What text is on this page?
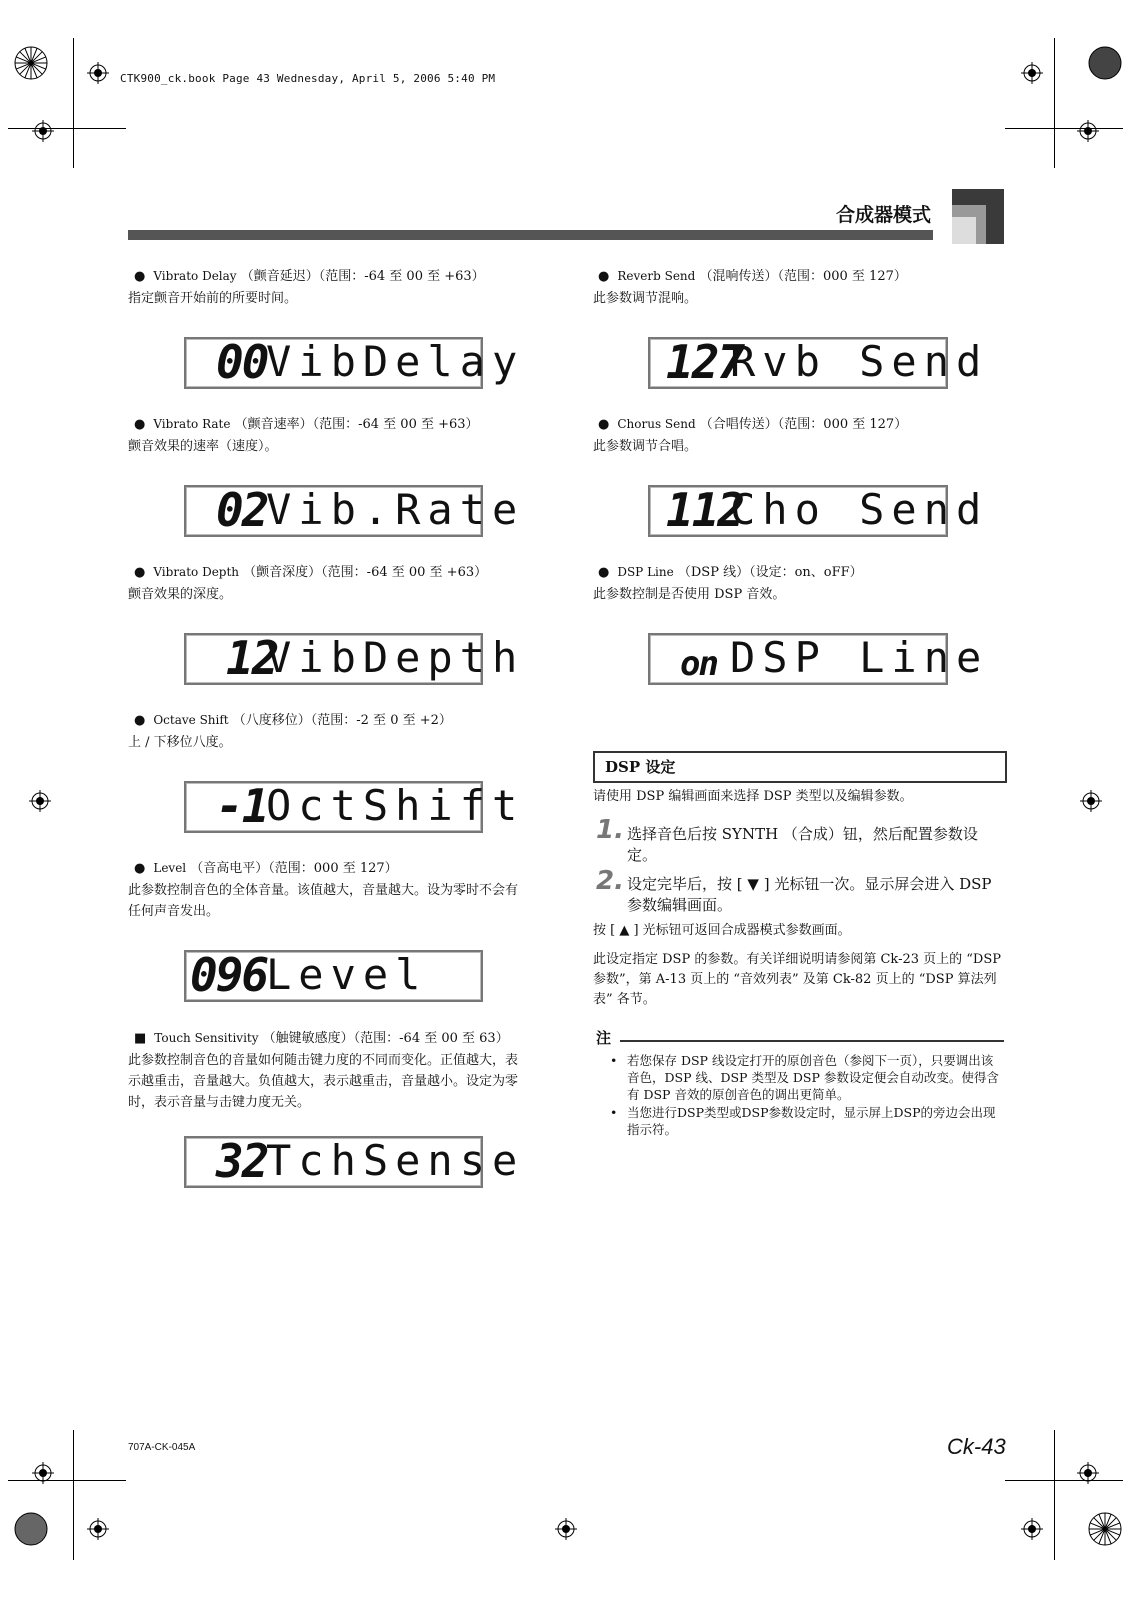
CTK900_ck.book Page 43 Wednesday, April 5, 2006 5:40 PM
合成器模式
● Vibrato Delay （颤音延迟）（范围：-64 至 00 至 +63）
指定颤音开始前的所要时间。
00
VibDelay
● Vibrato Rate （颤音速率）（范围：-64 至 00 至 +63）
颤音效果的速率（速度）。
02
Vib.Rate
● Vibrato Depth （颤音深度）（范围：-64 至 00 至 +63）
颤音效果的深度。
12
VibDepth
● Octave Shift （八度移位）（范围：-2 至 0 至 +2）
上 / 下移位八度。
-1
OctShift
● Level （音高电平）（范围：000 至 127）
此参数控制音色的全体音量。该值越大，音量越大。设为零时不会有任何声音发出。
096
Level
■ Touch Sensitivity （触键敏感度）（范围：-64 至 00 至 63）
此参数控制音色的音量如何随击键力度的不同而变化。正值越大，表示越重击，音量越大。负值越大，表示越重击，音量越小。设定为零时，表示音量与击键力度无关。
32
TchSense
● Reverb Send （混响传送）（范围：000 至 127）
此参数调节混响。
127
Rvb Send
● Chorus Send （合唱传送）（范围：000 至 127）
此参数调节合唱。
112
Cho Send
● DSP Line （DSP 线）（设定：on、oFF）
此参数控制是否使用 DSP 音效。
on DSP Line
DSP 设定
请使用 DSP 编辑画面来选择 DSP 类型以及编辑参数。
1. 选择音色后按 SYNTH （合成）钮，然后配置参数设定。
2. 设定完毕后，按 [ ▼ ] 光标钮一次。显示屏会进入 DSP 参数编辑画面。
按 [ ▲ ] 光标钮可返回合成器模式参数画面。
此设定指定 DSP 的参数。有关详细说明请参阅第 Ck-23 页上的 “DSP 参数”，第 A-13 页上的 “音效列表” 及第 Ck-82 页上的 “DSP 算法列表” 各节。
注
• 若您保存 DSP 线设定打开的原创音色（参阅下一页），只要调出该音色，DSP 线、DSP 类型及 DSP 参数设定便会自动改变。使得含有 DSP 音效的原创音色的调出更简单。
• 当您进行DSP类型或DSP参数设定时，显示屏上DSP的旁边会出现指示符。
707A-CK-045A	Ck-43
